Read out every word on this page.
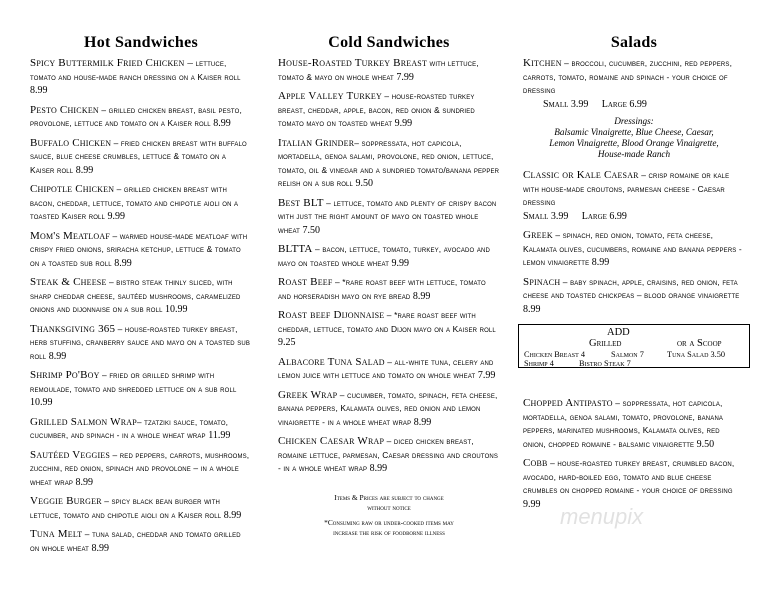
Hot Sandwiches
Spicy Buttermilk Fried Chicken – lettuce, tomato and house-made ranch dressing on a Kaiser roll 8.99
Pesto Chicken – grilled chicken breast, basil pesto, provolone, lettuce and tomato on a Kaiser roll 8.99
Buffalo Chicken – fried chicken breast with buffalo sauce, blue cheese crumbles, lettuce & tomato on a Kaiser roll 8.99
Chipotle Chicken – grilled chicken breast with bacon, cheddar, lettuce, tomato and chipotle aioli on a toasted Kaiser roll 9.99
Mom's Meatloaf – warmed house-made meatloaf with crispy fried onions, sriracha ketchup, lettuce & tomato on a toasted sub roll 8.99
Steak & Cheese – bistro steak thinly sliced, with sharp cheddar cheese, sautéed mushrooms, caramelized onions and dijonnaise on a sub roll 10.99
Thanksgiving 365 – house-roasted turkey breast, herb stuffing, cranberry sauce and mayo on a toasted sub roll 8.99
Shrimp Po'Boy – fried or grilled shrimp with remoulade, tomato and shredded lettuce on a sub roll 10.99
Grilled Salmon Wrap– tzatziki sauce, tomato, cucumber, and spinach - in a whole wheat wrap 11.99
Sautéed Veggies – red peppers, carrots, mushrooms, zucchini, red onion, spinach and provolone – in a whole wheat wrap 8.99
Veggie Burger – spicy black bean burger with lettuce, tomato and chipotle aioli on a Kaiser roll 8.99
Tuna Melt – tuna salad, cheddar and tomato grilled on whole wheat 8.99
Cold Sandwiches
House-Roasted Turkey Breast with lettuce, tomato & mayo on whole wheat 7.99
Apple Valley Turkey – house-roasted turkey breast, cheddar, apple, bacon, red onion & sundried tomato mayo on toasted wheat 9.99
Italian Grinder– soppressata, hot capicola, mortadella, genoa salami, provolone, red onion, lettuce, tomato, oil & vinegar and a sundried tomato/banana pepper relish on a sub roll 9.50
Best BLT – lettuce, tomato and plenty of crispy bacon with just the right amount of mayo on toasted whole wheat 7.50
BLTTA – bacon, lettuce, tomato, turkey, avocado and mayo on toasted whole wheat 9.99
Roast Beef – *rare roast beef with lettuce, tomato and horseradish mayo on rye bread 8.99
Roast beef Dijonnaise – *rare roast beef with cheddar, lettuce, tomato and Dijon mayo on a Kaiser roll 9.25
Albacore Tuna Salad – all-white tuna, celery and lemon juice with lettuce and tomato on whole wheat 7.99
Greek Wrap – cucumber, tomato, spinach, feta cheese, banana peppers, Kalamata olives, red onion and lemon vinaigrette - in a whole wheat wrap 8.99
Chicken Caesar Wrap – diced chicken breast, romaine lettuce, parmesan, Caesar dressing and croutons - in a whole wheat wrap 8.99
Items & Prices are subject to change
without notice
*Consuming raw or under-cooked items may
increase the risk of foodborne illness
Salads
Kitchen – broccoli, cucumber, zucchini, red peppers, carrots, tomato, romaine and spinach - your choice of dressing
Small 3.99 Large 6.99
Dressings:
Balsamic Vinaigrette, Blue Cheese, Caesar,
Lemon Vinaigrette, Blood Orange Vinaigrette,
House-made Ranch
Classic or Kale Caesar – crisp romaine or kale with house-made croutons, parmesan cheese - Caesar dressing
Small 3.99 Large 6.99
Greek – spinach, red onion, tomato, feta cheese, Kalamata olives, cucumbers, romaine and banana peppers - lemon vinaigrette 8.99
Spinach – baby spinach, apple, craisins, red onion, feta cheese and toasted chickpeas – blood orange vinaigrette 8.99
Chopped Antipasto – soppressata, hot capicola, mortadella, genoa salami, tomato, provolone, banana peppers, marinated mushrooms, Kalamata olives, red onion, chopped romaine - balsamic vinaigrette 9.50
Cobb – house-roasted turkey breast, crumbled bacon, avocado, hard-boiled egg, tomato and blue cheese crumbles on chopped romaine - your choice of dressing 9.99
ADD
Grilled	or a Scoop
Chicken Breast 4	Salmon 7	Tuna Salad 3.50
Shrimp 4	Bistro Steak 7
menupix
